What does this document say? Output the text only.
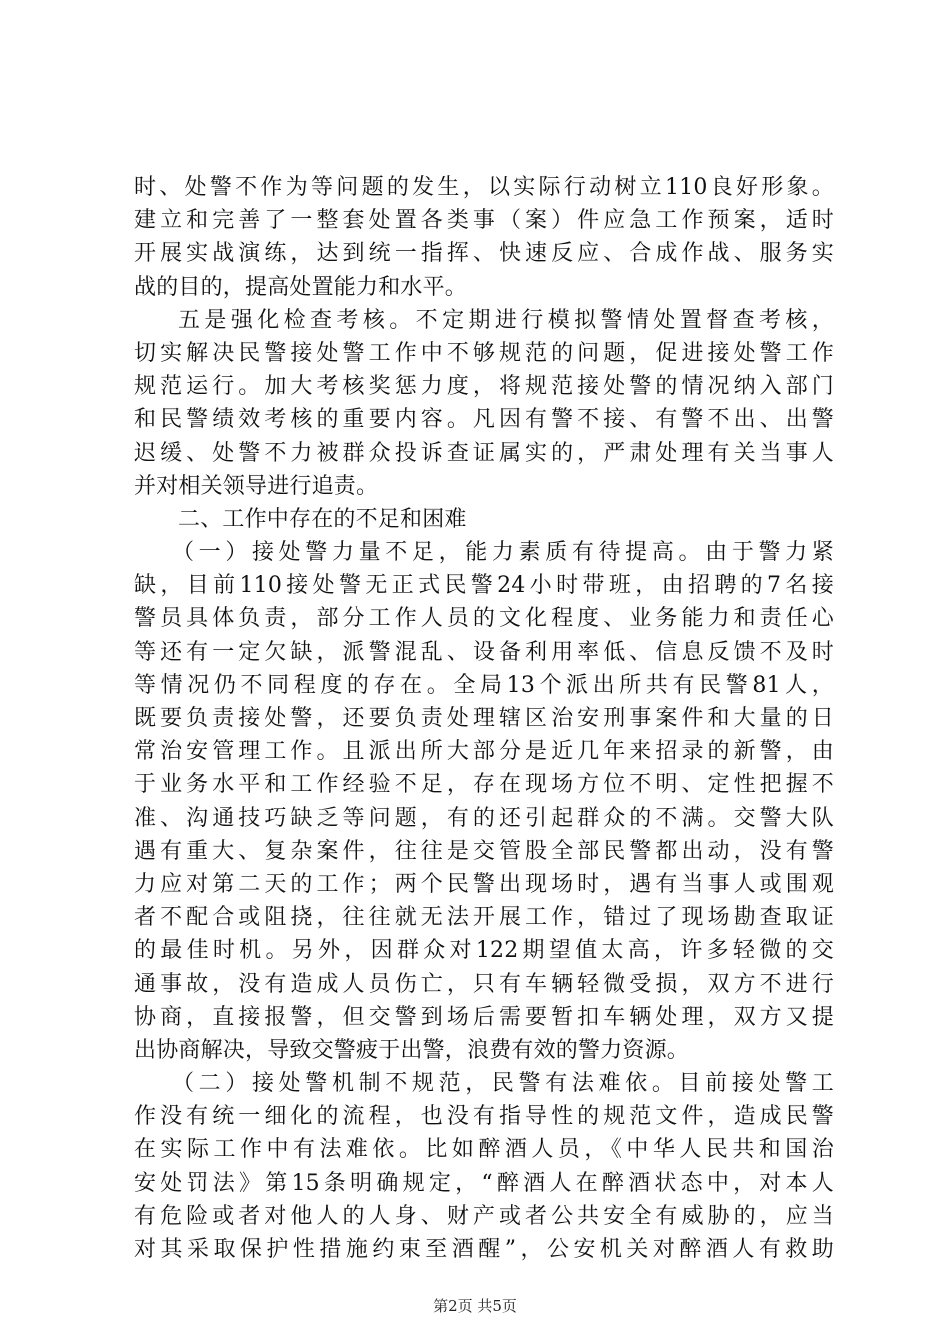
时、处警不作为等问题的发生，以实际行动树立110良好形象。
建立和完善了一整套处置各类事（案）件应急工作预案，适时
开展实战演练，达到统一指挥、快速反应、合成作战、服务实
战的目的，提高处置能力和水平。
五是强化检查考核。不定期进行模拟警情处置督查考核，
切实解决民警接处警工作中不够规范的问题，促进接处警工作
规范运行。加大考核奖惩力度，将规范接处警的情况纳入部门
和民警绩效考核的重要内容。凡因有警不接、有警不出、出警
迟缓、处警不力被群众投诉查证属实的，严肃处理有关当事人
并对相关领导进行追责。
二、工作中存在的不足和困难
（一）接处警力量不足，能力素质有待提高。由于警力紧
缺，目前110接处警无正式民警24小时带班，由招聘的7名接
警员具体负责，部分工作人员的文化程度、业务能力和责任心
等还有一定欠缺，派警混乱、设备利用率低、信息反馈不及时
等情况仍不同程度的存在。全局13个派出所共有民警81人，
既要负责接处警，还要负责处理辖区治安刑事案件和大量的日
常治安管理工作。且派出所大部分是近几年来招录的新警，由
于业务水平和工作经验不足，存在现场方位不明、定性把握不
准、沟通技巧缺乏等问题，有的还引起群众的不满。交警大队
遇有重大、复杂案件，往往是交管股全部民警都出动，没有警
力应对第二天的工作；两个民警出现场时，遇有当事人或围观
者不配合或阻挠，往往就无法开展工作，错过了现场勘查取证
的最佳时机。另外，因群众对122期望值太高，许多轻微的交
通事故，没有造成人员伤亡，只有车辆轻微受损，双方不进行
协商，直接报警，但交警到场后需要暂扣车辆处理，双方又提
出协商解决，导致交警疲于出警，浪费有效的警力资源。
（二）接处警机制不规范，民警有法难依。目前接处警工
作没有统一细化的流程，也没有指导性的规范文件，造成民警
在实际工作中有法难依。比如醉酒人员，《中华人民共和国治
安处罚法》第15条明确规定，“醉酒人在醉酒状态中，对本人
有危险或者对他人的人身、财产或者公共安全有威胁的，应当
对其采取保护性措施约束至酒醒”，公安机关对醉酒人有救助
第2页 共5页
